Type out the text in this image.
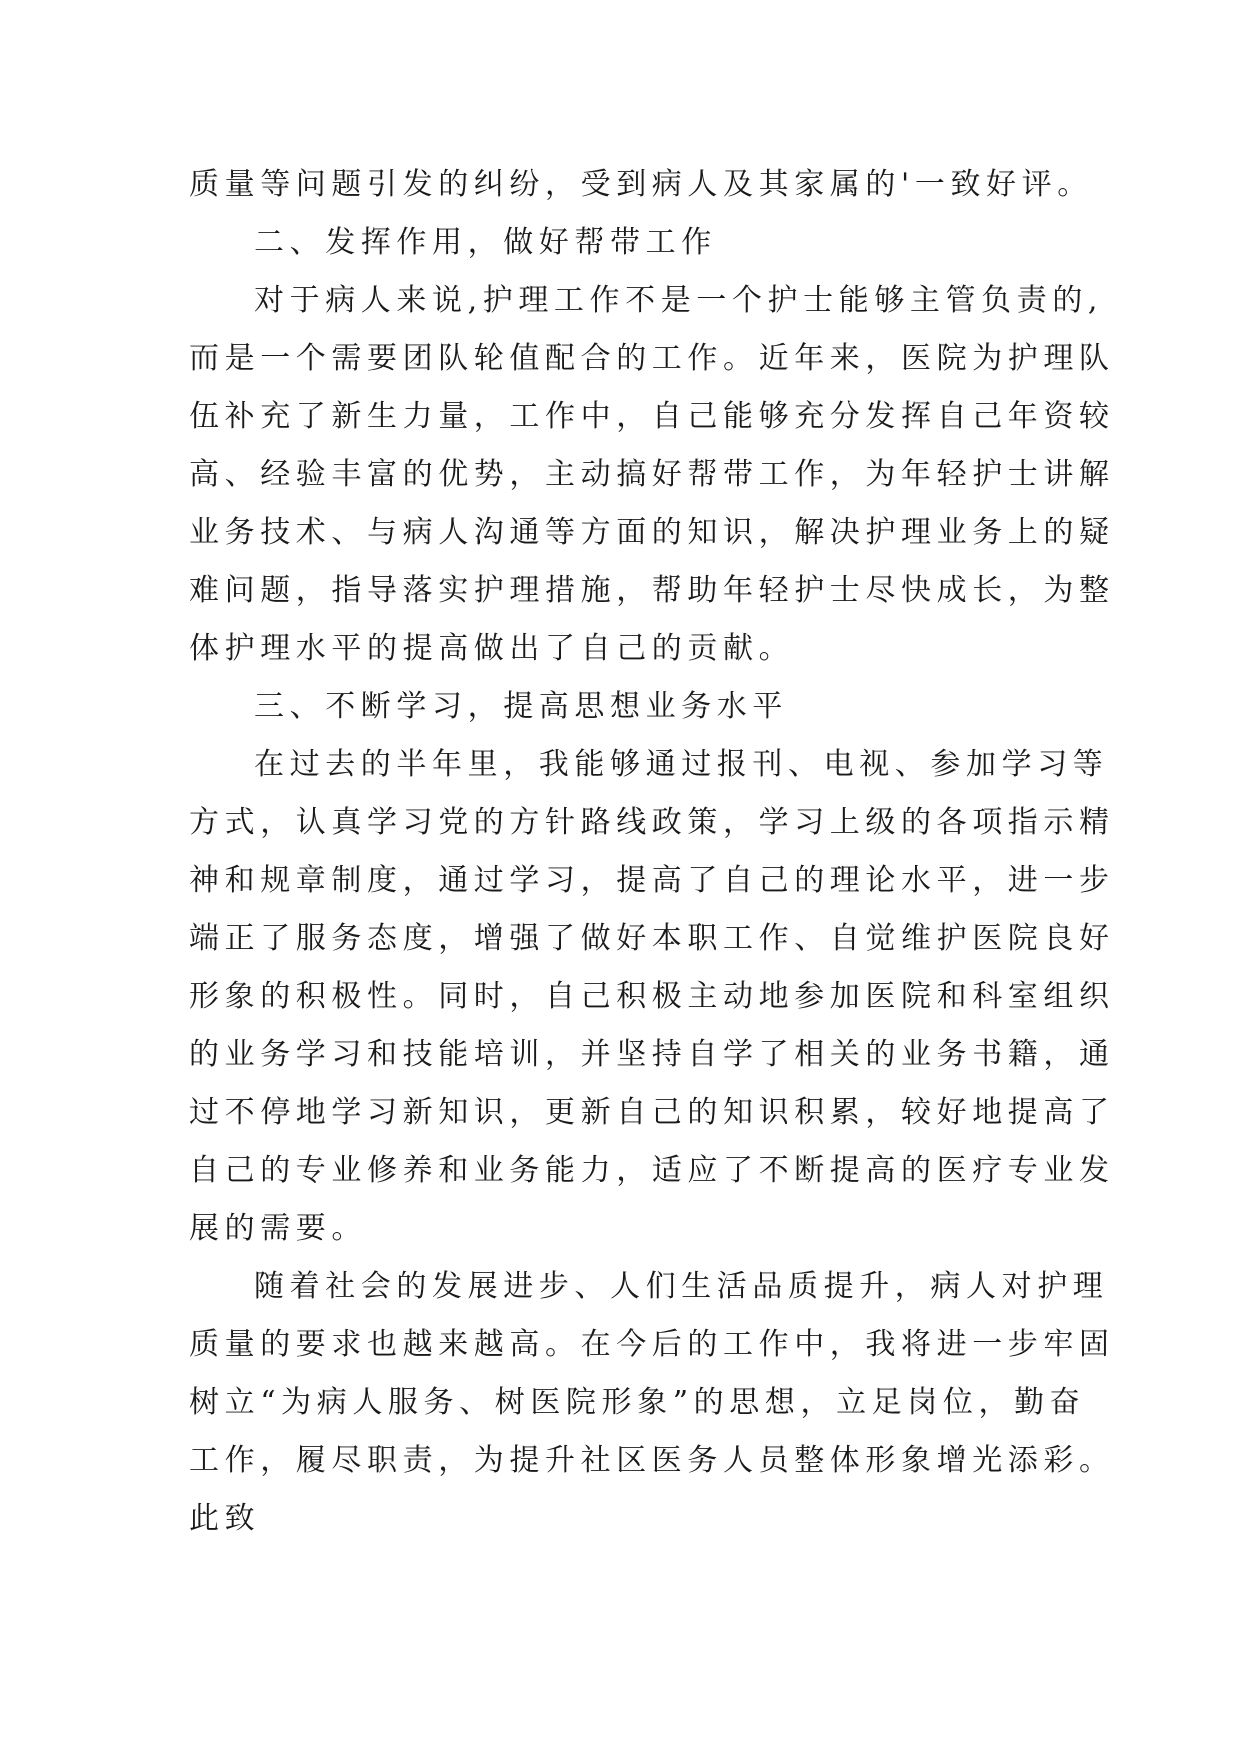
质量等问题引发的纠纷，受到病人及其家属的'一致好评。
二、发挥作用，做好帮带工作
对于病人来说,护理工作不是一个护士能够主管负责的,
而是一个需要团队轮值配合的工作。近年来，医院为护理队
伍补充了新生力量，工作中，自己能够充分发挥自己年资较
高、经验丰富的优势，主动搞好帮带工作，为年轻护士讲解
业务技术、与病人沟通等方面的知识，解决护理业务上的疑
难问题，指导落实护理措施，帮助年轻护士尽快成长，为整
体护理水平的提高做出了自己的贡献。
三、不断学习，提高思想业务水平
在过去的半年里，我能够通过报刊、电视、参加学习等
方式，认真学习党的方针路线政策，学习上级的各项指示精
神和规章制度，通过学习，提高了自己的理论水平，进一步
端正了服务态度，增强了做好本职工作、自觉维护医院良好
形象的积极性。同时，自己积极主动地参加医院和科室组织
的业务学习和技能培训，并坚持自学了相关的业务书籍，通
过不停地学习新知识，更新自己的知识积累，较好地提高了
自己的专业修养和业务能力，适应了不断提高的医疗专业发
展的需要。
随着社会的发展进步、人们生活品质提升，病人对护理
质量的要求也越来越高。在今后的工作中，我将进一步牢固
树立“为病人服务、树医院形象”的思想，立足岗位，勤奋
工作，履尽职责，为提升社区医务人员整体形象增光添彩。
此致
